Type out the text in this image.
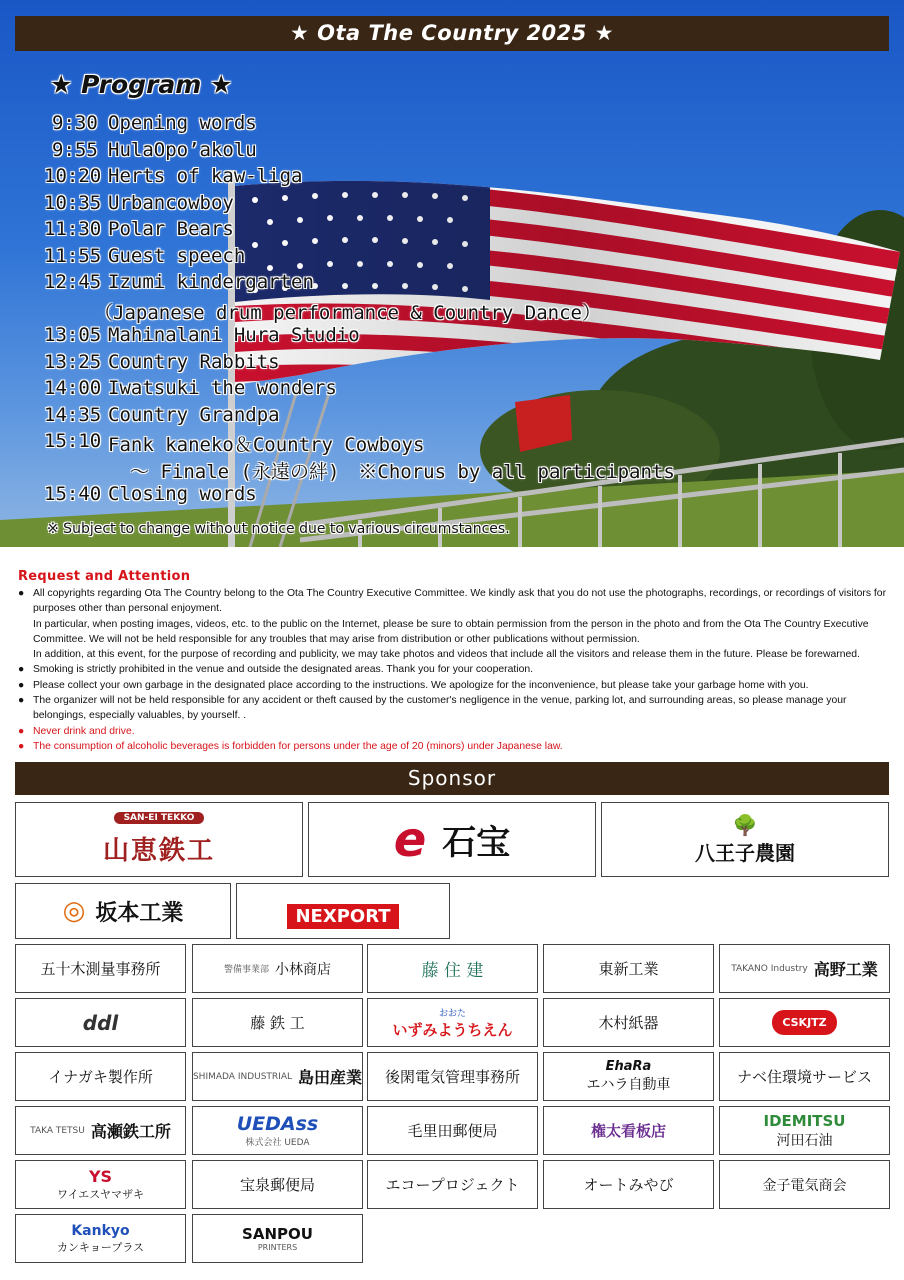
★ Ota The Country 2025 ★
★ Program ★
9:30 Opening words
9:55 HulaOpo’akolu
10:20 Herts of kaw-liga
10:35 Urbancowboy
11:30 Polar Bears
11:55 Guest speech
12:45 Izumi kindergarten
（Japanese drum performance & Country Dance）
13:05 Mahinalani Hura Studio
13:25 Country Rabbits
14:00 Iwatsuki the wonders
14:35 Country Grandpa
15:10 Fank kaneko＆Country Cowboys
～ Finale (永遠の絆)　※Chorus by all participants
15:40 Closing words
※ Subject to change without notice due to various circumstances.
Request and Attention
● All copyrights regarding Ota The Country belong to the Ota The Country Executive Committee. We kindly ask that you do not use the photographs, recordings, or recordings of visitors for purposes other than personal enjoyment.
In particular, when posting images, videos, etc. to the public on the Internet, please be sure to obtain permission from the person in the photo and from the Ota The Country Executive Committee. We will not be held responsible for any troubles that may arise from distribution or other publications without permission.
In addition, at this event, for the purpose of recording and publicity, we may take photos and videos that include all the visitors and release them in the future. Please be forewarned.
● Smoking is strictly prohibited in the venue and outside the designated areas. Thank you for your cooperation.
● Please collect your own garbage in the designated place according to the instructions. We apologize for the inconvenience, but please take your garbage home with you.
● The organizer will not be held responsible for any accident or theft caused by the customer's negligence in the venue, parking lot, and surrounding areas, so please manage your belongings, especially valuables, by yourself. .
● Never drink and drive.
● The consumption of alcoholic beverages is forbidden for persons under the age of 20 (minors) under Japanese law.
Sponsor
SAN-EI TEKKO
山恵鉄工	e 石宝	🌳
八王子農園
◎ 坂本工業	NEXPORT
五十木測量事務所	警備事業部 小林商店	藤 住 建	東新工業	TAKANO Industry 高野工業
ddl	藤 鉄 工
おおた
いずみようちえん	木村紙器	CSKJTZ
イナガキ製作所	SHIMADA INDUSTRIAL 島田産業 後閑電気管理事務所
EhaRa
エハラ自動車	ナベ住環境サービス
TAKA TETSU 高瀬鉄工所	UEDAss
株式会社 UEDA
毛里田郵便局	権太看板店
IDEMITSU
河田石油
YS
ワイエスヤマザキ
宝泉郵便局	エコープロジェクト	オートみやび	金子電気商会
Kankyo
カンキョープラス
SANPOU
PRINTERS
